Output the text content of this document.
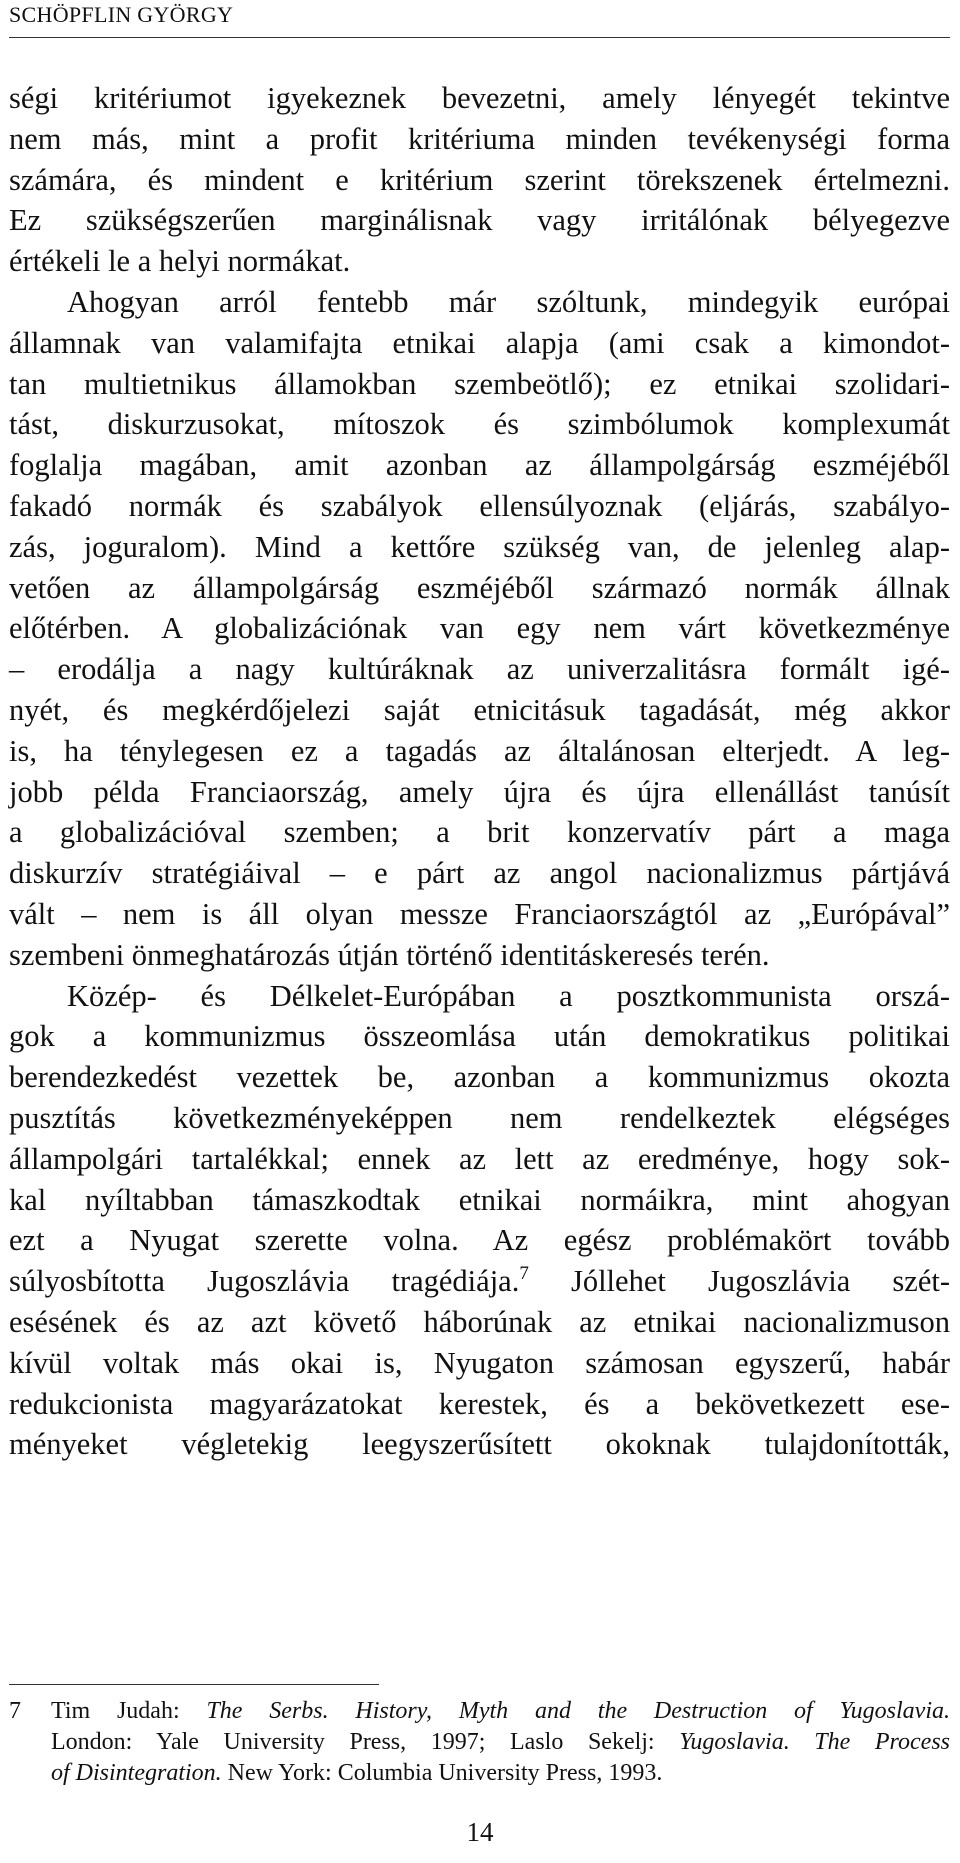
SCHÖPFLIN GYÖRGY
ségi kritériumot igyekeznek bevezetni, amely lényegét tekintve
nem más, mint a profit kritériuma minden tevékenységi forma
számára, és mindent e kritérium szerint törekszenek értelmezni.
Ez szükségszerűen marginálisnak vagy irritálónak bélyegezve
értékeli le a helyi normákat.
Ahogyan arról fentebb már szóltunk, mindegyik európai
államnak van valamifajta etnikai alapja (ami csak a kimondot-
tan multietnikus államokban szembeötlő); ez etnikai szolidari-
tást, diskurzusokat, mítoszok és szimbólumok komplexumát
foglalja magában, amit azonban az állampolgárság eszméjéből
fakadó normák és szabályok ellensúlyoznak (eljárás, szabályo-
zás, joguralom). Mind a kettőre szükség van, de jelenleg alap-
vetően az állampolgárság eszméjéből származó normák állnak
előtérben. A globalizációnak van egy nem várt következménye
– erodálja a nagy kultúráknak az univerzalitásra formált igé-
nyét, és megkérdőjelezi saját etnicitásuk tagadását, még akkor
is, ha ténylegesen ez a tagadás az általánosan elterjedt. A leg-
jobb példa Franciaország, amely újra és újra ellenállást tanúsít
a globalizációval szemben; a brit konzervatív párt a maga
diskurzív stratégiáival – e párt az angol nacionalizmus pártjává
vált – nem is áll olyan messze Franciaországtól az „Európával”
szembeni önmeghatározás útján történő identitáskeresés terén.
Közép- és Délkelet-Európában a posztkommunista orszá-
gok a kommunizmus összeomlása után demokratikus politikai
berendezkedést vezettek be, azonban a kommunizmus okozta
pusztítás következményeképpen nem rendelkeztek elégséges
állampolgári tartalékkal; ennek az lett az eredménye, hogy sok-
kal nyíltabban támaszkodtak etnikai normáikra, mint ahogyan
ezt a Nyugat szerette volna. Az egész problémakört tovább
súlyosbította Jugoszlávia tragédiája.$^7$ Jóllehet Jugoszlávia szét-
esésének és az azt követő háborúnak az etnikai nacionalizmuson
kívül voltak más okai is, Nyugaton számosan egyszerű, habár
redukcionista magyarázatokat kerestek, és a bekövetkezett ese-
ményeket végletekig leegyszerűsített okoknak tulajdonították,
7 Tim Judah: The Serbs. History, Myth and the Destruction of Yugoslavia.
London: Yale University Press, 1997; Laslo Sekelj: Yugoslavia. The Process
of Disintegration. New York: Columbia University Press, 1993.
14
